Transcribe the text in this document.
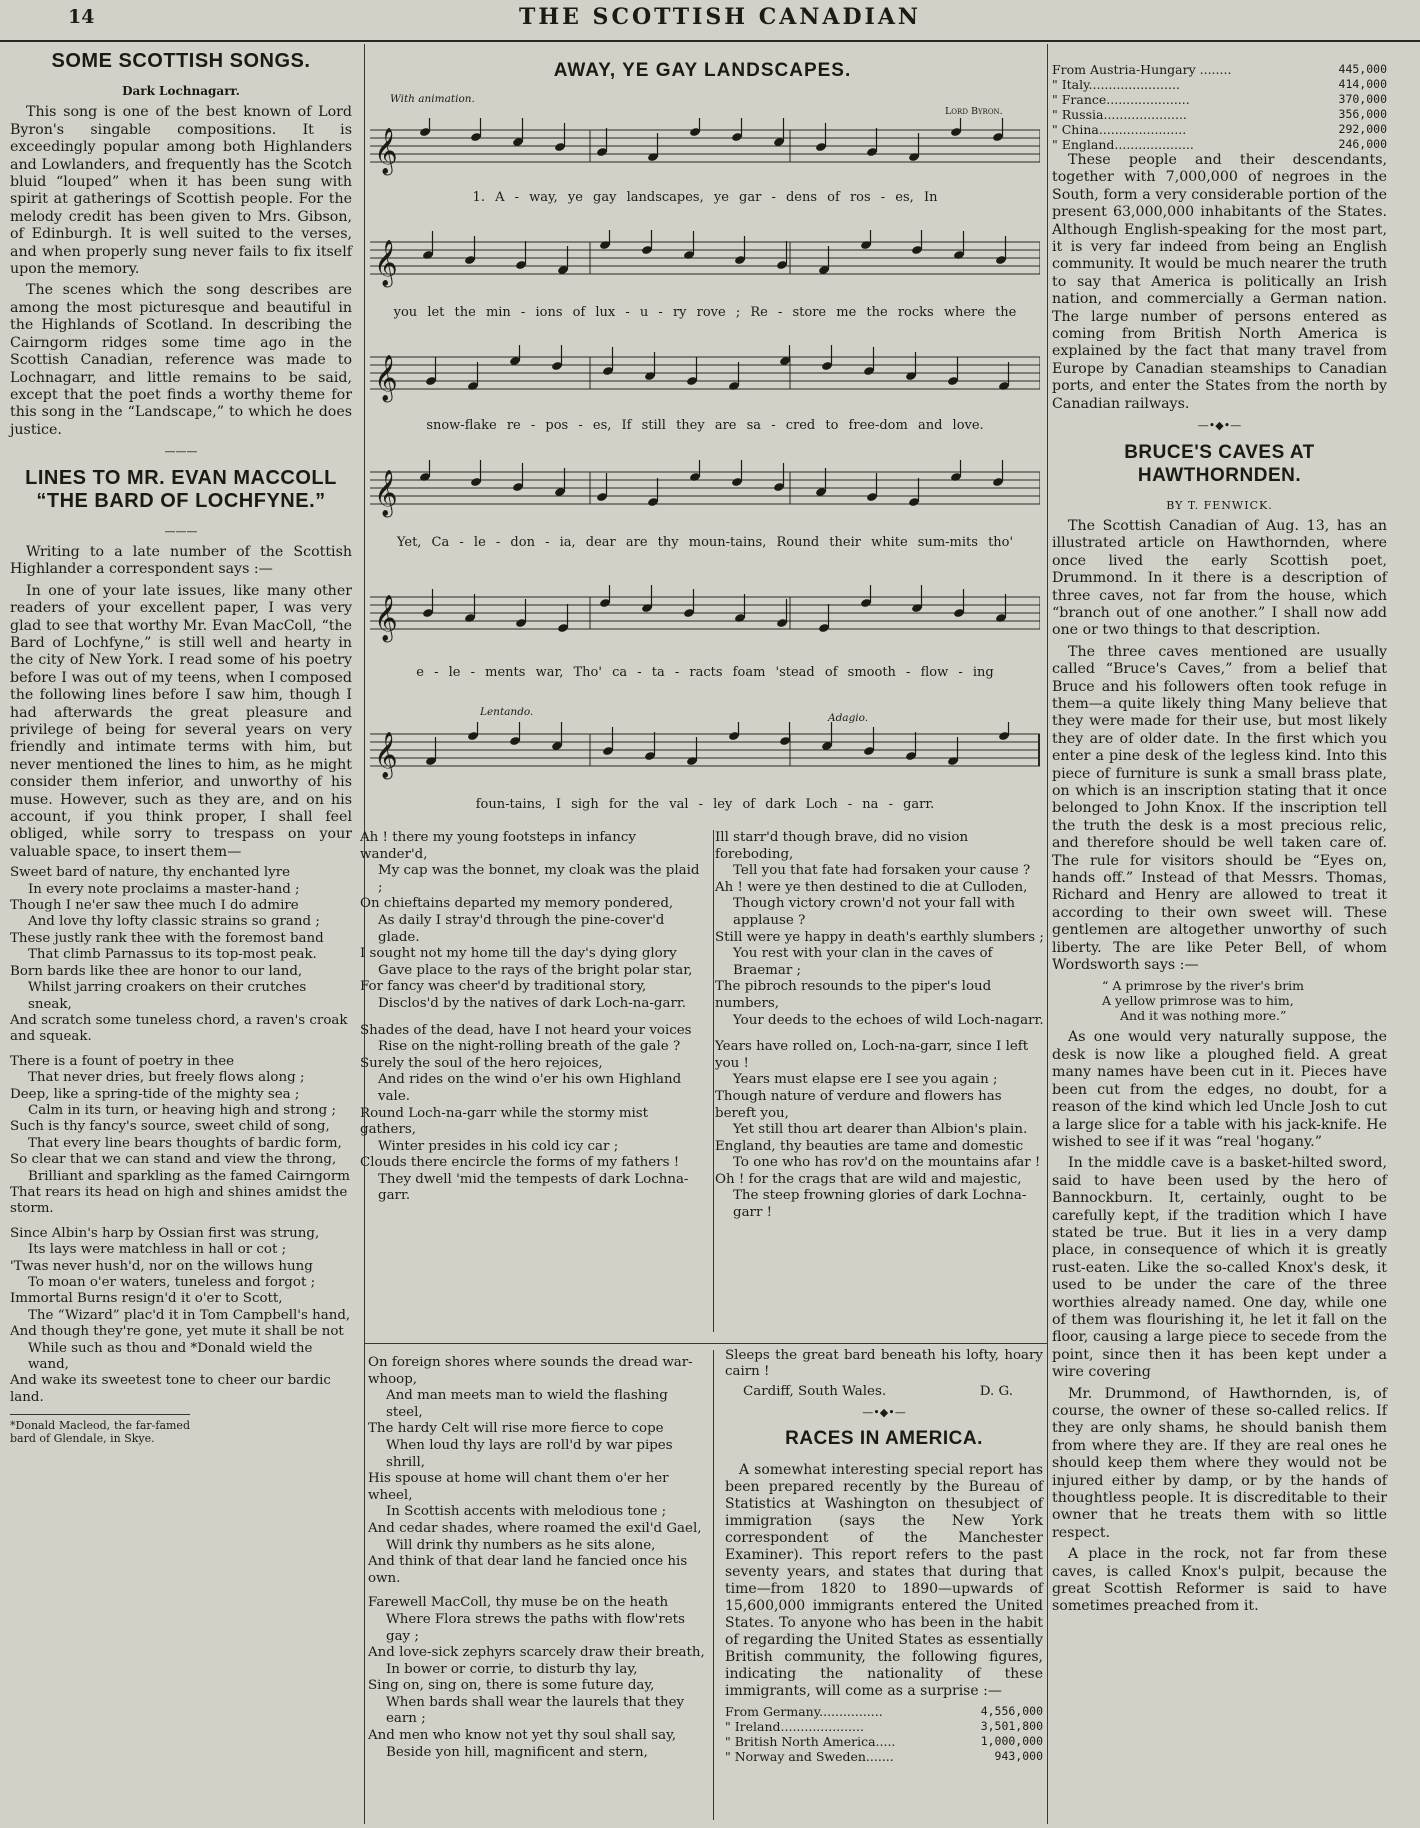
14	THE SCOTTISH CANADIAN
SOME SCOTTISH SONGS.
Dark Lochnagarr.

This song is one of the best known of Lord Byron's singable compositions. It is exceedingly popular among both Highlanders and Lowlanders, and frequently has the Scotch bluid “louped” when it has been sung with spirit at gatherings of Scottish people. For the melody credit has been given to Mrs. Gibson, of Edinburgh. It is well suited to the verses, and when properly sung never fails to fix itself upon the memory.

The scenes which the song describes are among the most picturesque and beautiful in the Highlands of Scotland. In describing the Cairngorm ridges some time ago in the Scottish Canadian, reference was made to Lochnagarr, and little remains to be said, except that the poet finds a worthy theme for this song in the “Landscape,” to which he does justice.

———
LINES TO MR. EVAN MACCOLL “THE BARD OF LOCHFYNE.”
———

Writing to a late number of the Scottish Highlander a correspondent says :—

In one of your late issues, like many other readers of your excellent paper, I was very glad to see that worthy Mr. Evan MacColl, “the Bard of Lochfyne,” is still well and hearty in the city of New York. I read some of his poetry before I was out of my teens, when I composed the following lines before I saw him, though I had afterwards the great pleasure and privilege of being for several years on very friendly and intimate terms with him, but never mentioned the lines to him, as he might consider them inferior, and unworthy of his muse. However, such as they are, and on his account, if you think proper, I shall feel obliged, while sorry to trespass on your valuable space, to insert them—

Sweet bard of nature, thy enchanted lyre
In every note proclaims a master-hand ;
Though I ne'er saw thee much I do admire
And love thy lofty classic strains so grand ;
These justly rank thee with the foremost band
That climb Parnassus to its top-most peak.
Born bards like thee are honor to our land,
Whilst jarring croakers on their crutches sneak,
And scratch some tuneless chord, a raven's croak and squeak.
There is a fount of poetry in thee
That never dries, but freely flows along ;
Deep, like a spring-tide of the mighty sea ;
Calm in its turn, or heaving high and strong ;
Such is thy fancy's source, sweet child of song,
That every line bears thoughts of bardic form,
So clear that we can stand and view the throng,
Brilliant and sparkling as the famed Cairngorm
That rears its head on high and shines amidst the storm.
Since Albin's harp by Ossian first was strung,
Its lays were matchless in hall or cot ;
'Twas never hush'd, nor on the willows hung
To moan o'er waters, tuneless and forgot ;
Immortal Burns resign'd it o'er to Scott,
The “Wizard” plac'd it in Tom Campbell's hand,
And though they're gone, yet mute it shall be not
While such as thou and *Donald wield the wand,
And wake its sweetest tone to cheer our bardic land.
*Donald Macleod, the far-famed bard of Glendale, in Skye.
AWAY, YE GAY LANDSCAPES.
With animation.
Lord Byron.
Lentando.	Adagio.
𝄞
1. A - way, ye gay landscapes, ye gar - dens of ros - es, In
𝄞
you let the min - ions of lux - u - ry rove ; Re - store me the rocks where the
𝄞
snow-flake re - pos - es, If still they are sa - cred to free-dom and love.
𝄞
Yet, Ca - le - don - ia, dear are thy moun-tains, Round their white sum-mits tho'
𝄞
e - le - ments war, Tho' ca - ta - racts foam 'stead of smooth - flow - ing
𝄞
foun-tains, I sigh for the val - ley of dark Loch - na - garr.
Ah ! there my young footsteps in infancy wander'd,
My cap was the bonnet, my cloak was the plaid ;
On chieftains departed my memory pondered,
As daily I stray'd through the pine-cover'd glade.
I sought not my home till the day's dying glory
Gave place to the rays of the bright polar star,
For fancy was cheer'd by traditional story,
Disclos'd by the natives of dark Loch-na-garr.
Shades of the dead, have I not heard your voices
Rise on the night-rolling breath of the gale ?
Surely the soul of the hero rejoices,
And rides on the wind o'er his own Highland vale.
Round Loch-na-garr while the stormy mist gathers,
Winter presides in his cold icy car ;
Clouds there encircle the forms of my fathers !
They dwell 'mid the tempests of dark Lochna-garr.
Ill starr'd though brave, did no vision foreboding,
Tell you that fate had forsaken your cause ?
Ah ! were ye then destined to die at Culloden,
Though victory crown'd not your fall with applause ?
Still were ye happy in death's earthly slumbers ;
You rest with your clan in the caves of Braemar ;
The pibroch resounds to the piper's loud numbers,
Your deeds to the echoes of wild Loch-nagarr.
Years have rolled on, Loch-na-garr, since I left you !
Years must elapse ere I see you again ;
Though nature of verdure and flowers has bereft you,
Yet still thou art dearer than Albion's plain.
England, thy beauties are tame and domestic
To one who has rov'd on the mountains afar !
Oh ! for the crags that are wild and majestic,
The steep frowning glories of dark Lochna-garr !
On foreign shores where sounds the dread war-whoop,
And man meets man to wield the flashing steel,
The hardy Celt will rise more fierce to cope
When loud thy lays are roll'd by war pipes shrill,
His spouse at home will chant them o'er her wheel,
In Scottish accents with melodious tone ;
And cedar shades, where roamed the exil'd Gael,
Will drink thy numbers as he sits alone,
And think of that dear land he fancied once his own.
Farewell MacColl, thy muse be on the heath
Where Flora strews the paths with flow'rets gay ;
And love-sick zephyrs scarcely draw their breath,
In bower or corrie, to disturb thy lay,
Sing on, sing on, there is some future day,
When bards shall wear the laurels that they earn ;
And men who know not yet thy soul shall say,
Beside yon hill, magnificent and stern,
Sleeps the great bard beneath his lofty, hoary cairn !
Cardiff, South Wales.	D. G.
—•◆•—
RACES IN AMERICA.

A somewhat interesting special report has been prepared recently by the Bureau of Statistics at Washington on thesubject of immigration (says the New York correspondent of the Manchester Examiner). This report refers to the past seventy years, and states that during that time—from 1820 to 1890—upwards of 15,600,000 immigrants entered the United States. To anyone who has been in the habit of regarding the United States as essentially British community, the following figures, indicating the nationality of these immigrants, will come as a surprise :—

From Germany................	4,556,000
" Ireland.....................	3,501,800
" British North America.....	1,000,000
" Norway and Sweden.......	943,000
From Austria-Hungary ........	445,000
" Italy.......................	414,000
" France.....................	370,000
" Russia.....................	356,000
" China......................	292,000
" England....................	246,000

These people and their descendants, together with 7,000,000 of negroes in the South, form a very considerable portion of the present 63,000,000 inhabitants of the States. Although English-speaking for the most part, it is very far indeed from being an English community. It would be much nearer the truth to say that America is politically an Irish nation, and commercially a German nation. The large number of persons entered as coming from British North America is explained by the fact that many travel from Europe by Canadian steamships to Canadian ports, and enter the States from the north by Canadian railways.

—•◆•—
BRUCE'S CAVES AT HAWTHORNDEN.
BY T. FENWICK.

The Scottish Canadian of Aug. 13, has an illustrated article on Hawthornden, where once lived the early Scottish poet, Drummond. In it there is a description of three caves, not far from the house, which “branch out of one another.” I shall now add one or two things to that description.

The three caves mentioned are usually called “Bruce's Caves,” from a belief that Bruce and his followers often took refuge in them—a quite likely thing Many believe that they were made for their use, but most likely they are of older date. In the first which you enter a pine desk of the legless kind. Into this piece of furniture is sunk a small brass plate, on which is an inscription stating that it once belonged to John Knox. If the inscription tell the truth the desk is a most precious relic, and therefore should be well taken care of. The rule for visitors should be “Eyes on, hands off.” Instead of that Messrs. Thomas, Richard and Henry are allowed to treat it according to their own sweet will. These gentlemen are altogether unworthy of such liberty. The are like Peter Bell, of whom Wordsworth says :—

“ A primrose by the river's brim
A yellow primrose was to him,
And it was nothing more.”

As one would very naturally suppose, the desk is now like a ploughed field. A great many names have been cut in it. Pieces have been cut from the edges, no doubt, for a reason of the kind which led Uncle Josh to cut a large slice for a table with his jack-knife. He wished to see if it was “real 'hogany.”

In the middle cave is a basket-hilted sword, said to have been used by the hero of Bannockburn. It, certainly, ought to be carefully kept, if the tradition which I have stated be true. But it lies in a very damp place, in consequence of which it is greatly rust-eaten. Like the so-called Knox's desk, it used to be under the care of the three worthies already named. One day, while one of them was flourishing it, he let it fall on the floor, causing a large piece to secede from the point, since then it has been kept under a wire covering

Mr. Drummond, of Hawthornden, is, of course, the owner of these so-called relics. If they are only shams, he should banish them from where they are. If they are real ones he should keep them where they would not be injured either by damp, or by the hands of thoughtless people. It is discreditable to their owner that he treats them with so little respect.

A place in the rock, not far from these caves, is called Knox's pulpit, because the great Scottish Reformer is said to have sometimes preached from it.
